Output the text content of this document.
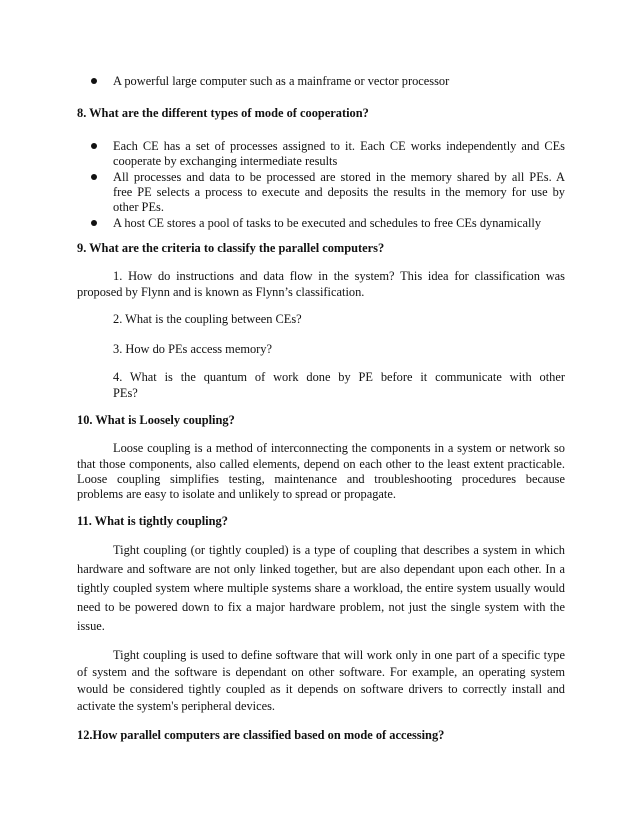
A powerful large computer such as a mainframe or vector processor
8. What are the different types of mode of cooperation?
Each CE has a set of processes assigned to it. Each CE works independently and CEs
cooperate by exchanging intermediate results
All processes and data to be processed are stored in the memory shared by all PEs. A
free PE selects a process to execute and deposits the results in the memory for use by
other PEs.
A host CE stores a pool of tasks to be executed and schedules to free CEs dynamically
9. What are the criteria to classify the parallel computers?
1. How do instructions and data flow in the system? This idea for classification was
proposed by Flynn and is known as Flynn’s classification.
2. What is the coupling between CEs?
3. How do PEs access memory?
4. What is the quantum of work done by PE before it communicate with other
PEs?
10. What is Loosely coupling?
Loose coupling is a method of interconnecting the components in a system or network so
that those components, also called elements, depend on each other to the least extent practicable.
Loose coupling simplifies testing, maintenance and troubleshooting procedures because
problems are easy to isolate and unlikely to spread or propagate.
11. What is tightly coupling?
Tight coupling (or tightly coupled) is a type of coupling that describes a system in which
hardware and software are not only linked together, but are also dependant upon each other. In a
tightly coupled system where multiple systems share a workload, the entire system usually would
need to be powered down to fix a major hardware problem, not just the single system with the
issue.
Tight coupling is used to define software that will work only in one part of a specific type
of system and the software is dependant on other software. For example, an operating system
would be considered tightly coupled as it depends on software drivers to correctly install and
activate the system's peripheral devices.
12.How parallel computers are classified based on mode of accessing?
